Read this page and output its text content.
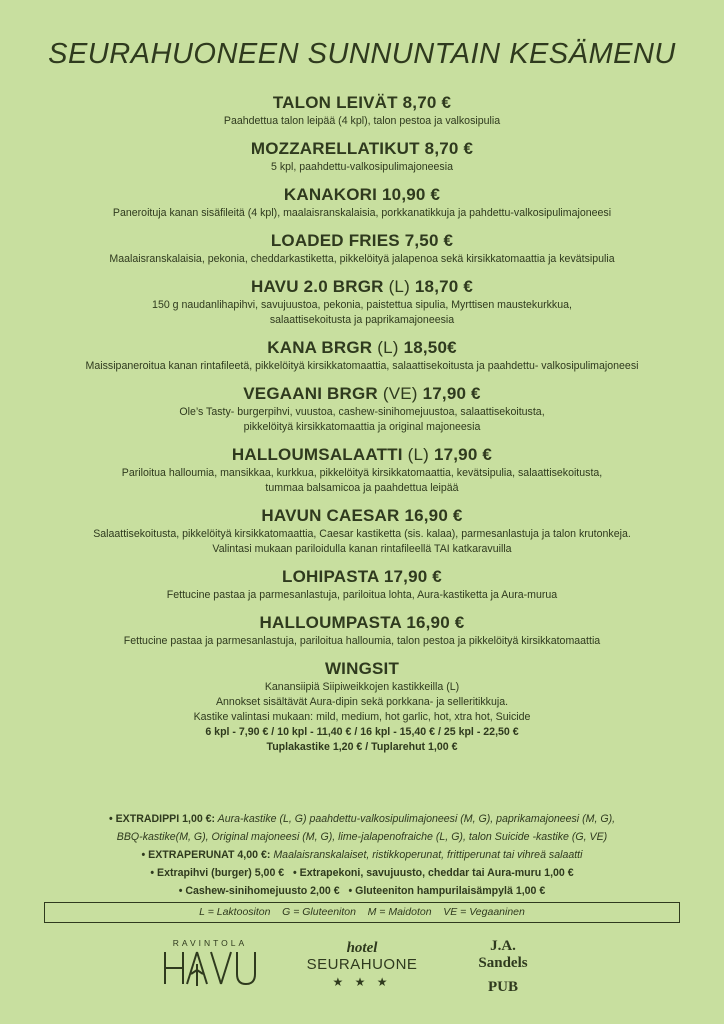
SEURAHUONEEN SUNNUNTAIN KESÄMENU
TALON LEIVÄT 8,70 €
Paahdettua talon leipää (4 kpl), talon pestoa ja valkosipulia
MOZZARELLATIKUT 8,70 €
5 kpl, paahdettu-valkosipulimajoneesia
KANAKORI 10,90 €
Paneroituja kanan sisäfileitä (4 kpl), maalaisranskalaisia, porkkanatikkuja ja pahdettu-valkosipulimajoneesi
LOADED FRIES 7,50 €
Maalaisranskalaisia, pekonia, cheddarkastiketta, pikkelöityä jalapenoa sekä kirsikkatomaattia ja kevätsipulia
HAVU 2.0 BRGR (L) 18,70 €
150 g naudanlihapihvi, savujuustoa, pekonia, paistettua sipulia, Myrttisen maustekurkkua,
salaattisekoitusta ja paprikamajoneesia
KANA BRGR (L) 18,50€
Maissipaneroitua kanan rintafileetä, pikkelöityä kirsikkatomaattia, salaattisekoitusta ja paahdettu- valkosipulimajoneesi
VEGAANI BRGR (VE) 17,90 €
Ole’s Tasty- burgerpihvi, vuustoa, cashew-sinihomejuustoa, salaattisekoitusta,
pikkelöityä kirsikkatomaattia ja original majoneesia
HALLOUMSALAATTI (L) 17,90 €
Pariloitua halloumia, mansikkaa, kurkkua, pikkelöityä kirsikkatomaattia, kevätsipulia, salaattisekoitusta,
tummaa balsamicoa ja paahdettua leipää
HAVUN CAESAR 16,90 €
Salaattisekoitusta, pikkelöityä kirsikkatomaattia, Caesar kastiketta (sis. kalaa), parmesanlastuja ja talon krutonkeja.
Valintasi mukaan pariloidulla kanan rintafileellä TAI katkaravuilla
LOHIPASTA 17,90 €
Fettucine pastaa ja parmesanlastuja, pariloitua lohta, Aura-kastiketta ja Aura-murua
HALLOUMPASTA 16,90 €
Fettucine pastaa ja parmesanlastuja, pariloitua halloumia, talon pestoa ja pikkelöityä kirsikkatomaattia
WINGSIT
Kanansiipiä Siipiweikkojen kastikkeilla (L)
Annokset sisältävät Aura-dipin sekä porkkana- ja selleritikkuja.
Kastike valintasi mukaan: mild, medium, hot garlic, hot, xtra hot, Suicide
6 kpl - 7,90 € / 10 kpl - 11,40 € / 16 kpl - 15,40 € / 25 kpl - 22,50 €
Tuplakastike 1,20 € / Tuplarehut 1,00 €
• EXTRADIPPI 1,00 €: Aura-kastike (L, G) paahdettu-valkosipulimajoneesi (M, G), paprikamajoneesi (M, G),
BBQ-kastike(M, G), Original majoneesi (M, G), lime-jalapenofraiche (L, G), talon Suicide -kastike (G, VE)
• EXTRAPERUNAT 4,00 €: Maalaisranskalaiset, ristikkoperunat, frittiperunat tai vihreä salaatti
• Extrapihvi (burger) 5,00 € • Extrapekoni, savujuusto, cheddar tai Aura-muru 1,00 €
• Cashew-sinihomejuusto 2,00 € • Gluteeniton hampurilaisämpylä 1,00 €
L = Laktoositon    G = Gluteeniton    M = Maidoton    VE = Vegaaninen
RAVINTOLA	hotel
SEURAHUONE
★ ★ ★
J.A.
Sandels
PUB
